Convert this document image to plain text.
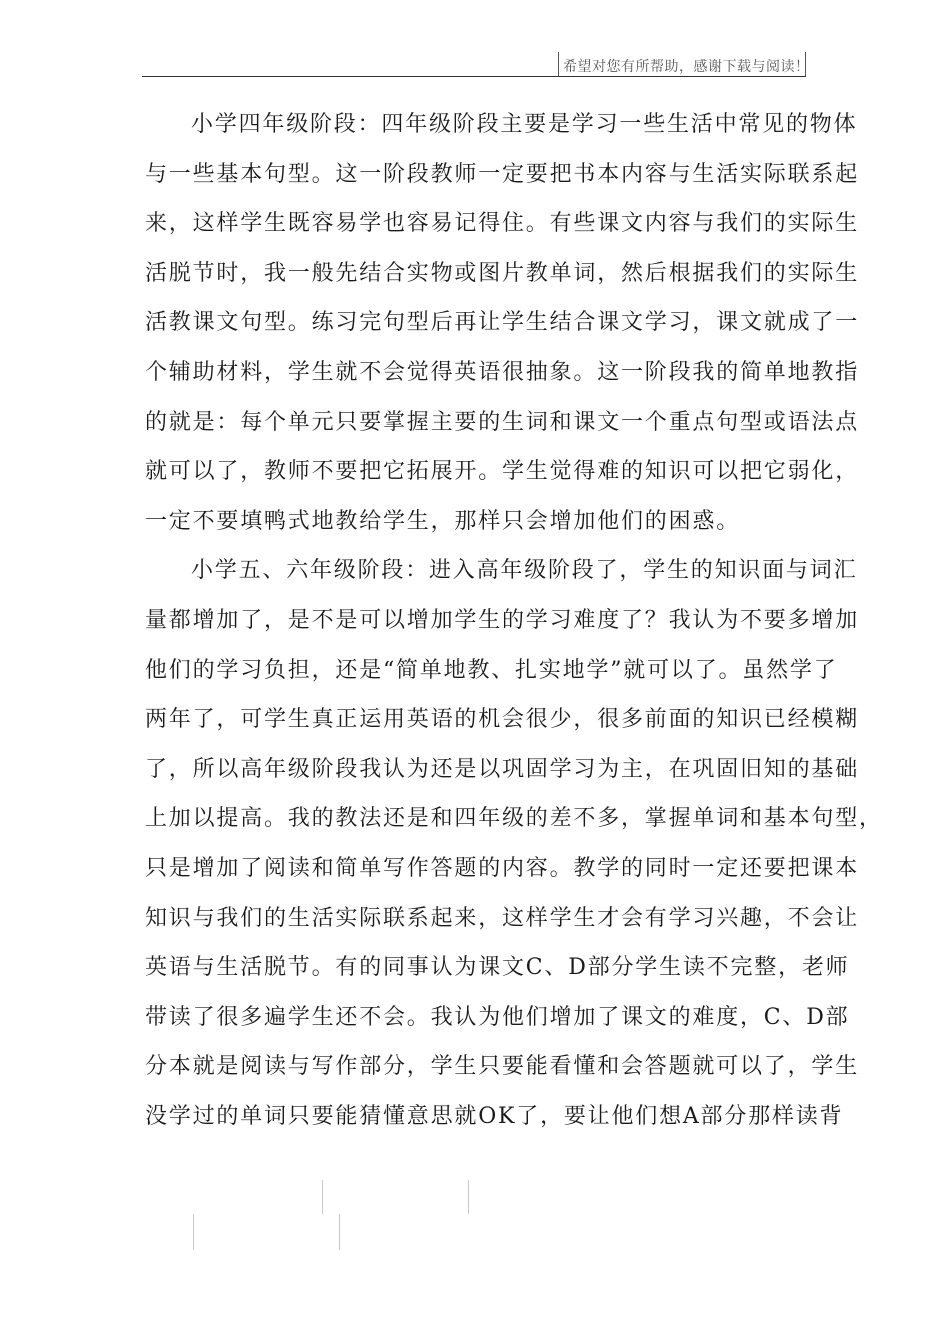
希望对您有所帮助，感谢下载与阅读！
小学四年级阶段：四年级阶段主要是学习一些生活中常见的物体
与一些基本句型。这一阶段教师一定要把书本内容与生活实际联系起
来，这样学生既容易学也容易记得住。有些课文内容与我们的实际生
活脱节时，我一般先结合实物或图片教单词，然后根据我们的实际生
活教课文句型。练习完句型后再让学生结合课文学习，课文就成了一
个辅助材料，学生就不会觉得英语很抽象。这一阶段我的简单地教指
的就是：每个单元只要掌握主要的生词和课文一个重点句型或语法点
就可以了，教师不要把它拓展开。学生觉得难的知识可以把它弱化，
一定不要填鸭式地教给学生，那样只会增加他们的困惑。
小学五、六年级阶段：进入高年级阶段了，学生的知识面与词汇
量都增加了，是不是可以增加学生的学习难度了？我认为不要多增加
他们的学习负担，还是“简单地教、扎实地学”就可以了。虽然学了
两年了，可学生真正运用英语的机会很少，很多前面的知识已经模糊
了，所以高年级阶段我认为还是以巩固学习为主，在巩固旧知的基础
上加以提高。我的教法还是和四年级的差不多，掌握单词和基本句型，
只是增加了阅读和简单写作答题的内容。教学的同时一定还要把课本
知识与我们的生活实际联系起来，这样学生才会有学习兴趣，不会让
英语与生活脱节。有的同事认为课文C、D部分学生读不完整，老师
带读了很多遍学生还不会。我认为他们增加了课文的难度，C、D部
分本就是阅读与写作部分，学生只要能看懂和会答题就可以了，学生
没学过的单词只要能猜懂意思就OK了，要让他们想A部分那样读背
